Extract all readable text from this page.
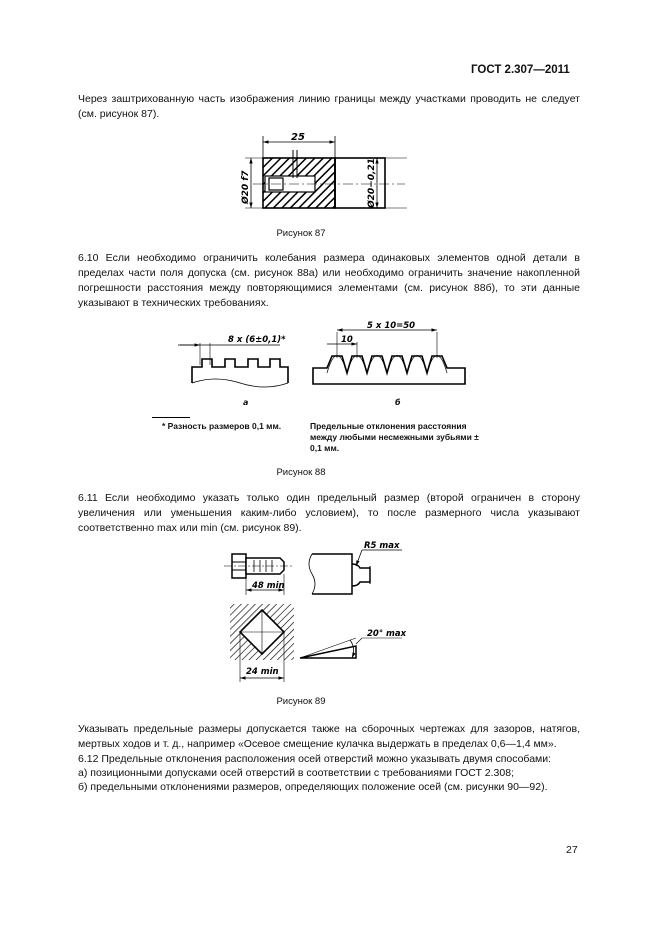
ГОСТ 2.307—2011
Через заштрихованную часть изображения линию границы между участками проводить не следует (см. рисунок 87).
25
Ø20 f7	Ø20−0,21
Рисунок 87
6.10 Если необходимо ограничить колебания размера одинаковых элементов одной детали в пределах части поля допуска (см. рисунок 88а) или необходимо ограничить значение накопленной погрешности расстояния между повторяющимися элементами (см. рисунок 88б), то эти данные указывают в технических требованиях.
8 x (6±0,1)*
а
5 x 10=50
10
б
* Разность размеров 0,1 мм.	Предельные отклонения расстояния между любыми несмежными зубьями ± 0,1 мм.
Рисунок 88
6.11 Если необходимо указать только один предельный размер (второй ограничен в сторону увеличения или уменьшения каким-либо условием), то после размерного числа указывают соответственно max или min (см. рисунок 89).
48 min
R5 max
24 min
20° max
Рисунок 89
Указывать предельные размеры допускается также на сборочных чертежах для зазоров, натягов, мертвых ходов и т. д., например «Осевое смещение кулачка выдержать в пределах 0,6—1,4 мм».
6.12 Предельные отклонения расположения осей отверстий можно указывать двумя способами:
а) позиционными допусками осей отверстий в соответствии с требованиями ГОСТ 2.308;
б) предельными отклонениями размеров, определяющих положение осей (см. рисунки 90—92).
27
